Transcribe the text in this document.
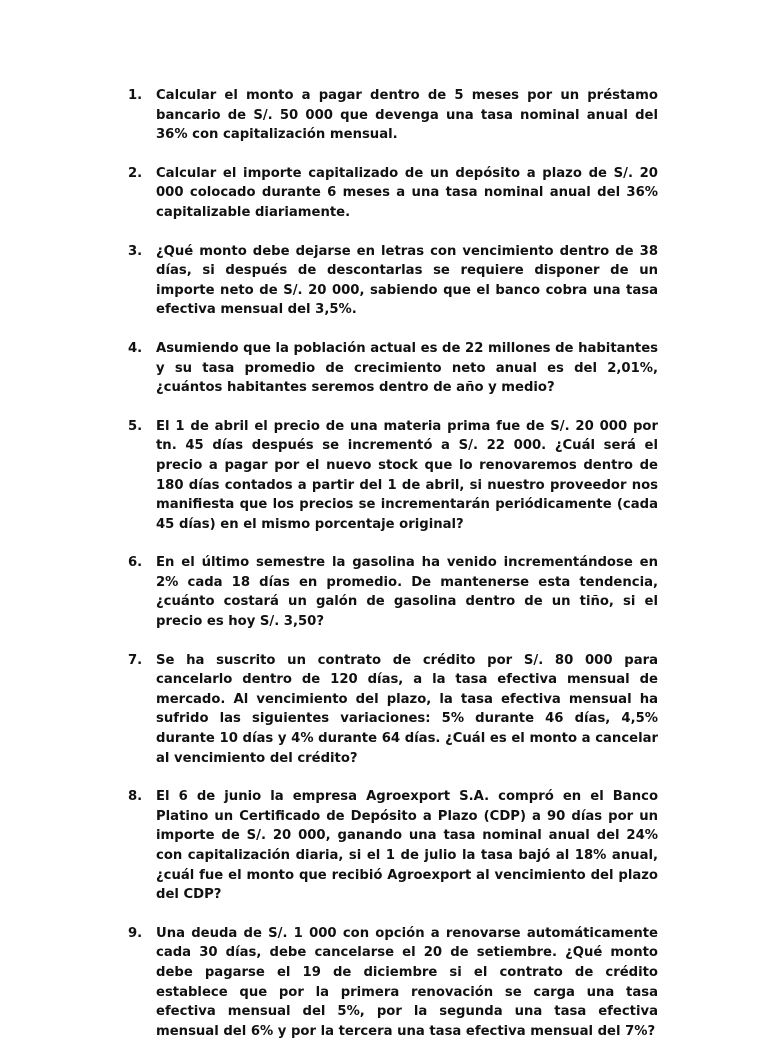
1.	Calcular el monto a pagar dentro de 5 meses por un préstamo bancario de S/. 50 000 que devenga una tasa nominal anual del 36% con capitalización mensual.
2.	Calcular el importe capitalizado de un depósito a plazo de S/. 20 000 colocado durante 6 meses a una tasa nominal anual del 36% capitalizable diariamente.
3.	¿Qué monto debe dejarse en letras con vencimiento dentro de 38 días, si después de descontarlas se requiere disponer de un importe neto de S/. 20 000, sabiendo que el banco cobra una tasa efectiva mensual del 3,5%.
4.	Asumiendo que la población actual es de 22 millones de habitantes y su tasa promedio de crecimiento neto anual es del 2,01%, ¿cuántos habitantes seremos dentro de año y medio?
5.	El 1 de abril el precio de una materia prima fue de S/. 20 000 por tn. 45 días después se incrementó a S/. 22 000. ¿Cuál será el precio a pagar por el nuevo stock que lo renovaremos dentro de 180 días contados a partir del 1 de abril, si nuestro proveedor nos manifiesta que los precios se incrementarán periódicamente (cada 45 días) en el mismo porcentaje original?
6.	En el último semestre la gasolina ha venido incrementándose en 2% cada 18 días en promedio. De mantenerse esta tendencia, ¿cuánto costará un galón de gasolina dentro de un tiño, si el precio es hoy S/. 3,50?
7.	Se ha suscrito un contrato de crédito por S/. 80 000 para cancelarlo dentro de 120 días, a la tasa efectiva mensual de mercado. Al vencimiento del plazo, la tasa efectiva mensual ha sufrido las siguientes variaciones: 5% durante 46 días, 4,5% durante 10 días y 4% durante 64 días. ¿Cuál es el monto a cancelar al vencimiento del crédito?
8.	El 6 de junio la empresa Agroexport S.A. compró en el Banco Platino un Certificado de Depósito a Plazo (CDP) a 90 días por un importe de S/. 20 000, ganando una tasa nominal anual del 24% con capitalización diaria, si el 1 de julio la tasa bajó al 18% anual, ¿cuál fue el monto que recibió Agroexport al vencimiento del plazo del CDP?
9.	Una deuda de S/. 1 000 con opción a renovarse automáticamente cada 30 días, debe cancelarse el 20 de setiembre. ¿Qué monto debe pagarse el 19 de diciembre si el contrato de crédito establece que por la primera renovación se carga una tasa efectiva mensual del 5%, por la segunda una tasa efectiva mensual del 6% y por la tercera una tasa efectiva mensual del 7%?
